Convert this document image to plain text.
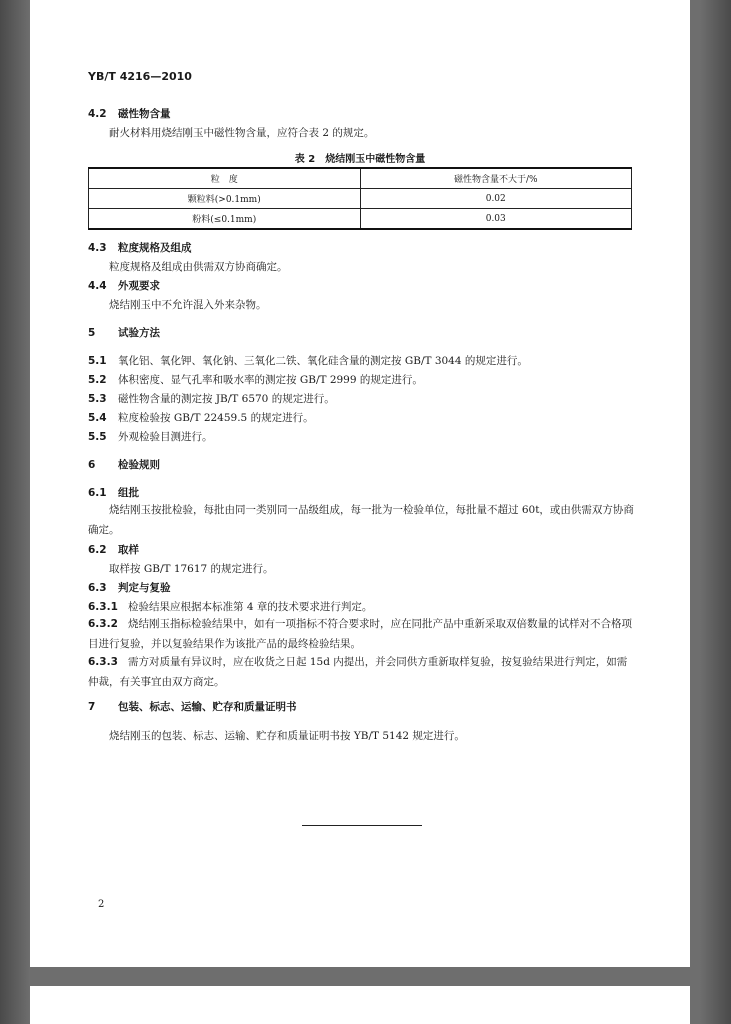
YB/T 4216—2010
4.2 磁性物含量
耐火材料用烧结刚玉中磁性物含量，应符合表 2 的规定。
表 2 烧结刚玉中磁性物含量
粒　度	磁性物含量不大于/%
颗粒料(>0.1mm)	0.02
粉料(≤0.1mm)	0.03
4.3 粒度规格及组成
粒度规格及组成由供需双方协商确定。
4.4 外观要求
烧结刚玉中不允许混入外来杂物。
5 试验方法
5.1 氧化铝、氧化钾、氧化钠、三氧化二铁、氧化硅含量的测定按 GB/T 3044 的规定进行。
5.2 体积密度、显气孔率和吸水率的测定按 GB/T 2999 的规定进行。
5.3 磁性物含量的测定按 JB/T 6570 的规定进行。
5.4 粒度检验按 GB/T 22459.5 的规定进行。
5.5 外观检验目测进行。
6 检验规则
6.1 组批
烧结刚玉按批检验，每批由同一类别同一品级组成，每一批为一检验单位，每批量不超过 60t，或由供需双方协商确定。
6.2 取样
取样按 GB/T 17617 的规定进行。
6.3 判定与复验
6.3.1 检验结果应根据本标准第 4 章的技术要求进行判定。
6.3.2 烧结刚玉指标检验结果中，如有一项指标不符合要求时，应在同批产品中重新采取双倍数量的试样对不合格项目进行复验，并以复验结果作为该批产品的最终检验结果。
6.3.3 需方对质量有异议时，应在收货之日起 15d 内提出，并会同供方重新取样复验，按复验结果进行判定，如需仲裁，有关事宜由双方商定。
7 包装、标志、运输、贮存和质量证明书
烧结刚玉的包装、标志、运输、贮存和质量证明书按 YB/T 5142 规定进行。
2
